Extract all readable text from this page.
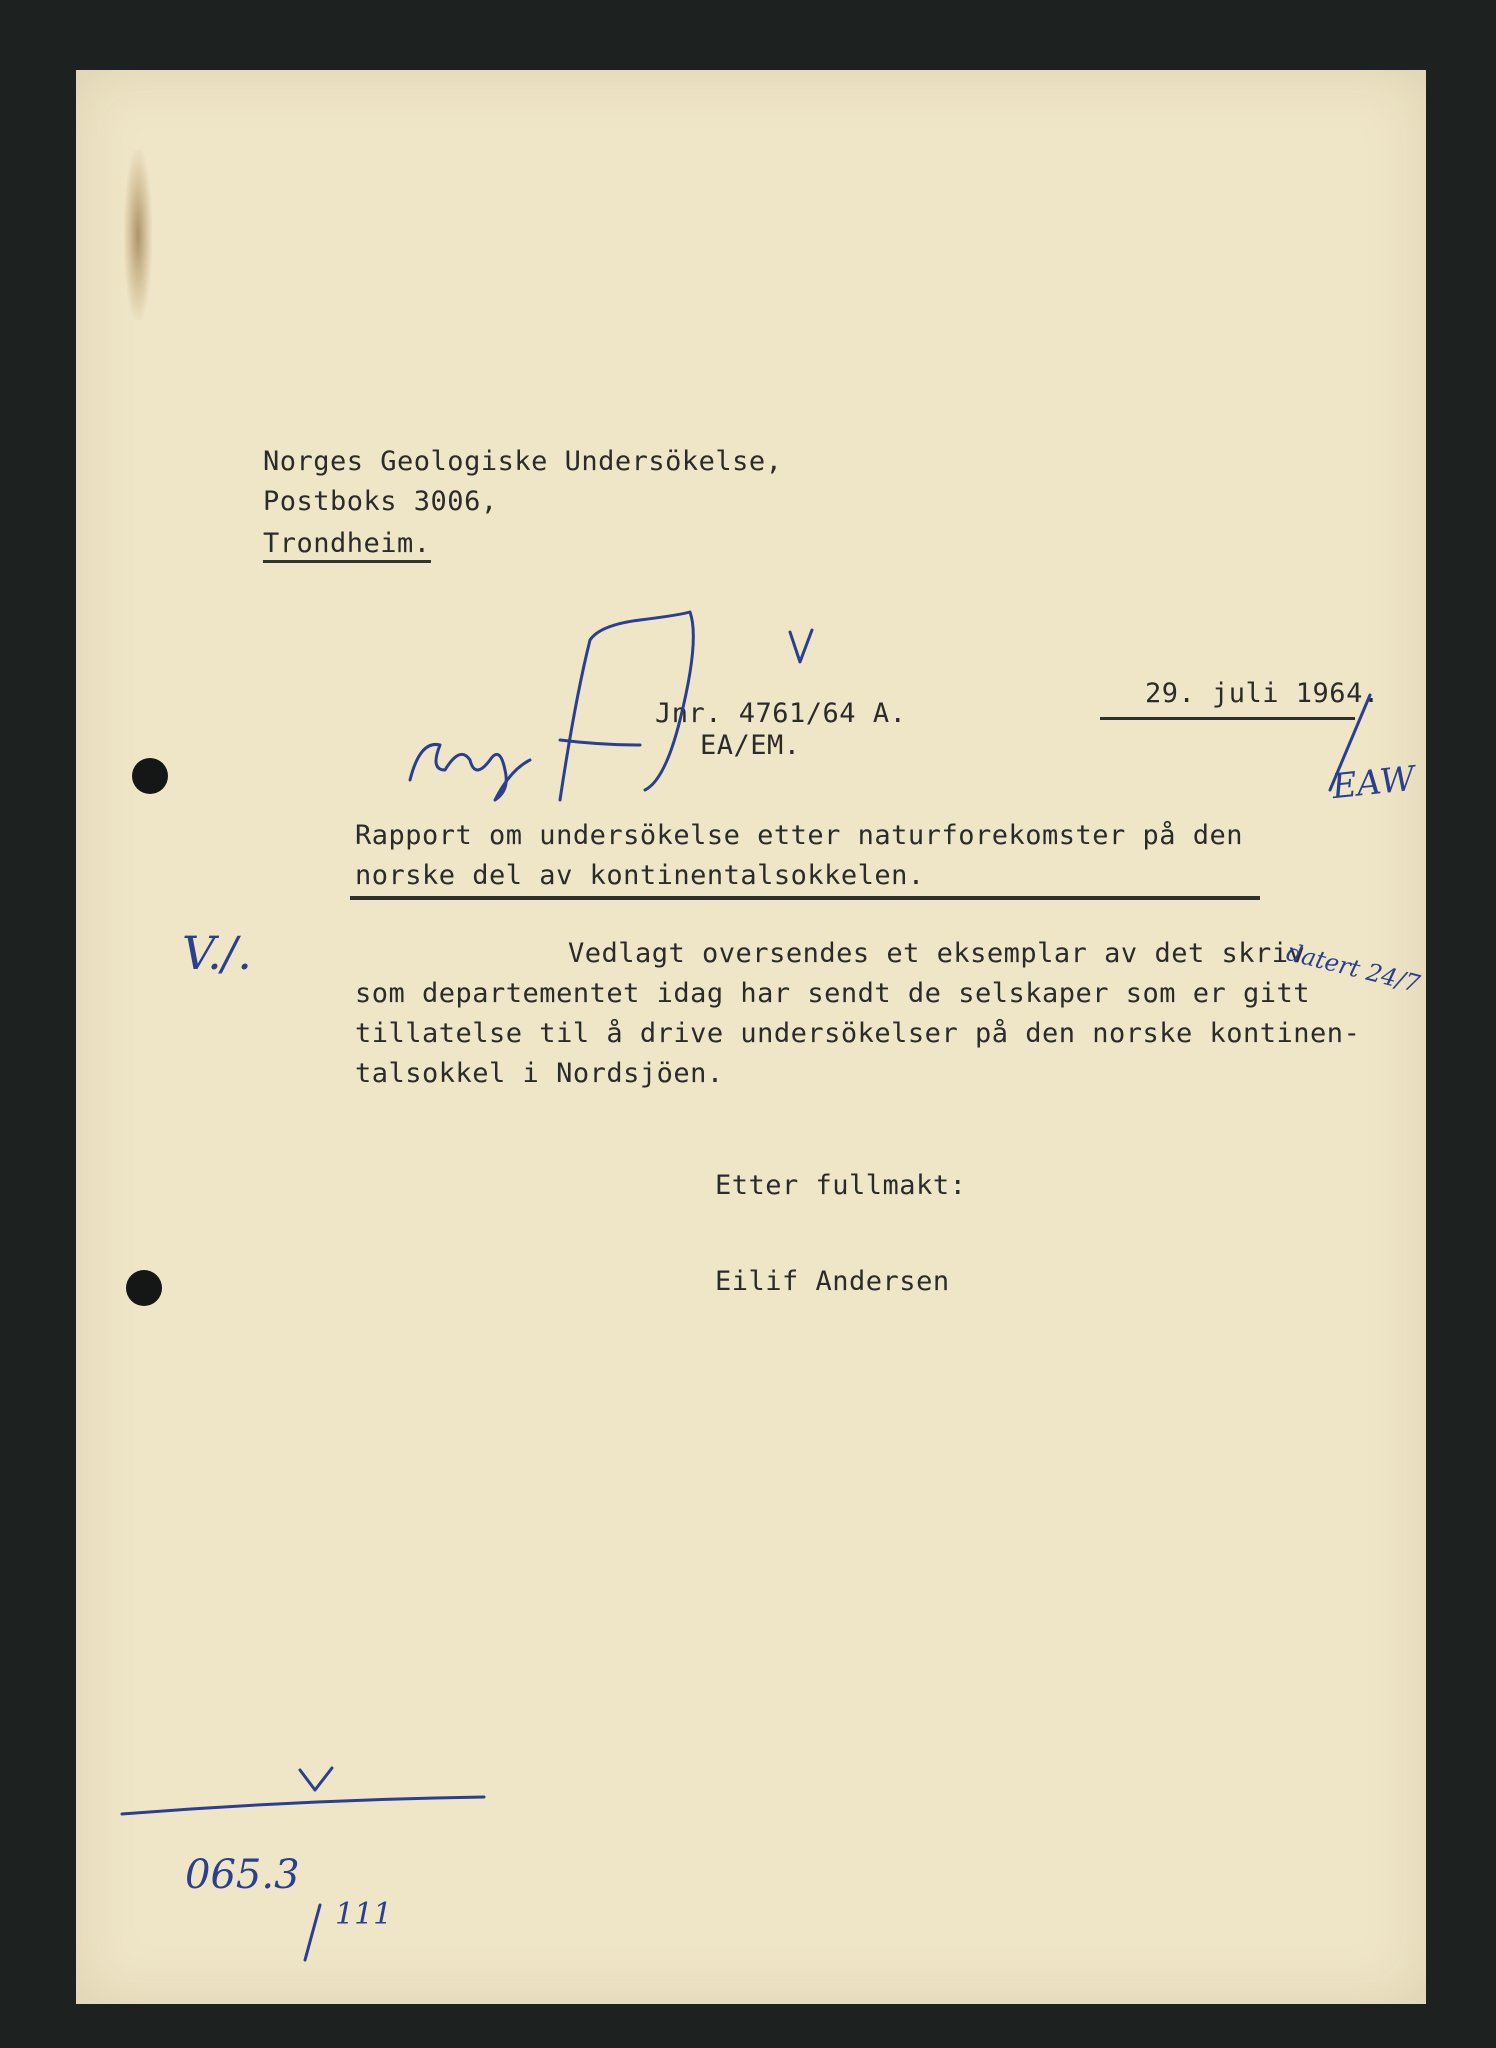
Norges Geologiske Undersökelse,
Postboks 3006,
Trondheim.
Jnr. 4761/64 A.
EA/EM.
29. juli 1964.
Rapport om undersökelse etter naturforekomster på den
norske del av kontinentalsokkelen.
Vedlagt oversendes et eksemplar av det skriv
som departementet idag har sendt de selskaper som er gitt
tillatelse til å drive undersökelser på den norske kontinen-
talsokkel i Nordsjöen.
Etter fullmakt:
Eilif Andersen
V./.	datert 24/7
EAW
065.3
111
